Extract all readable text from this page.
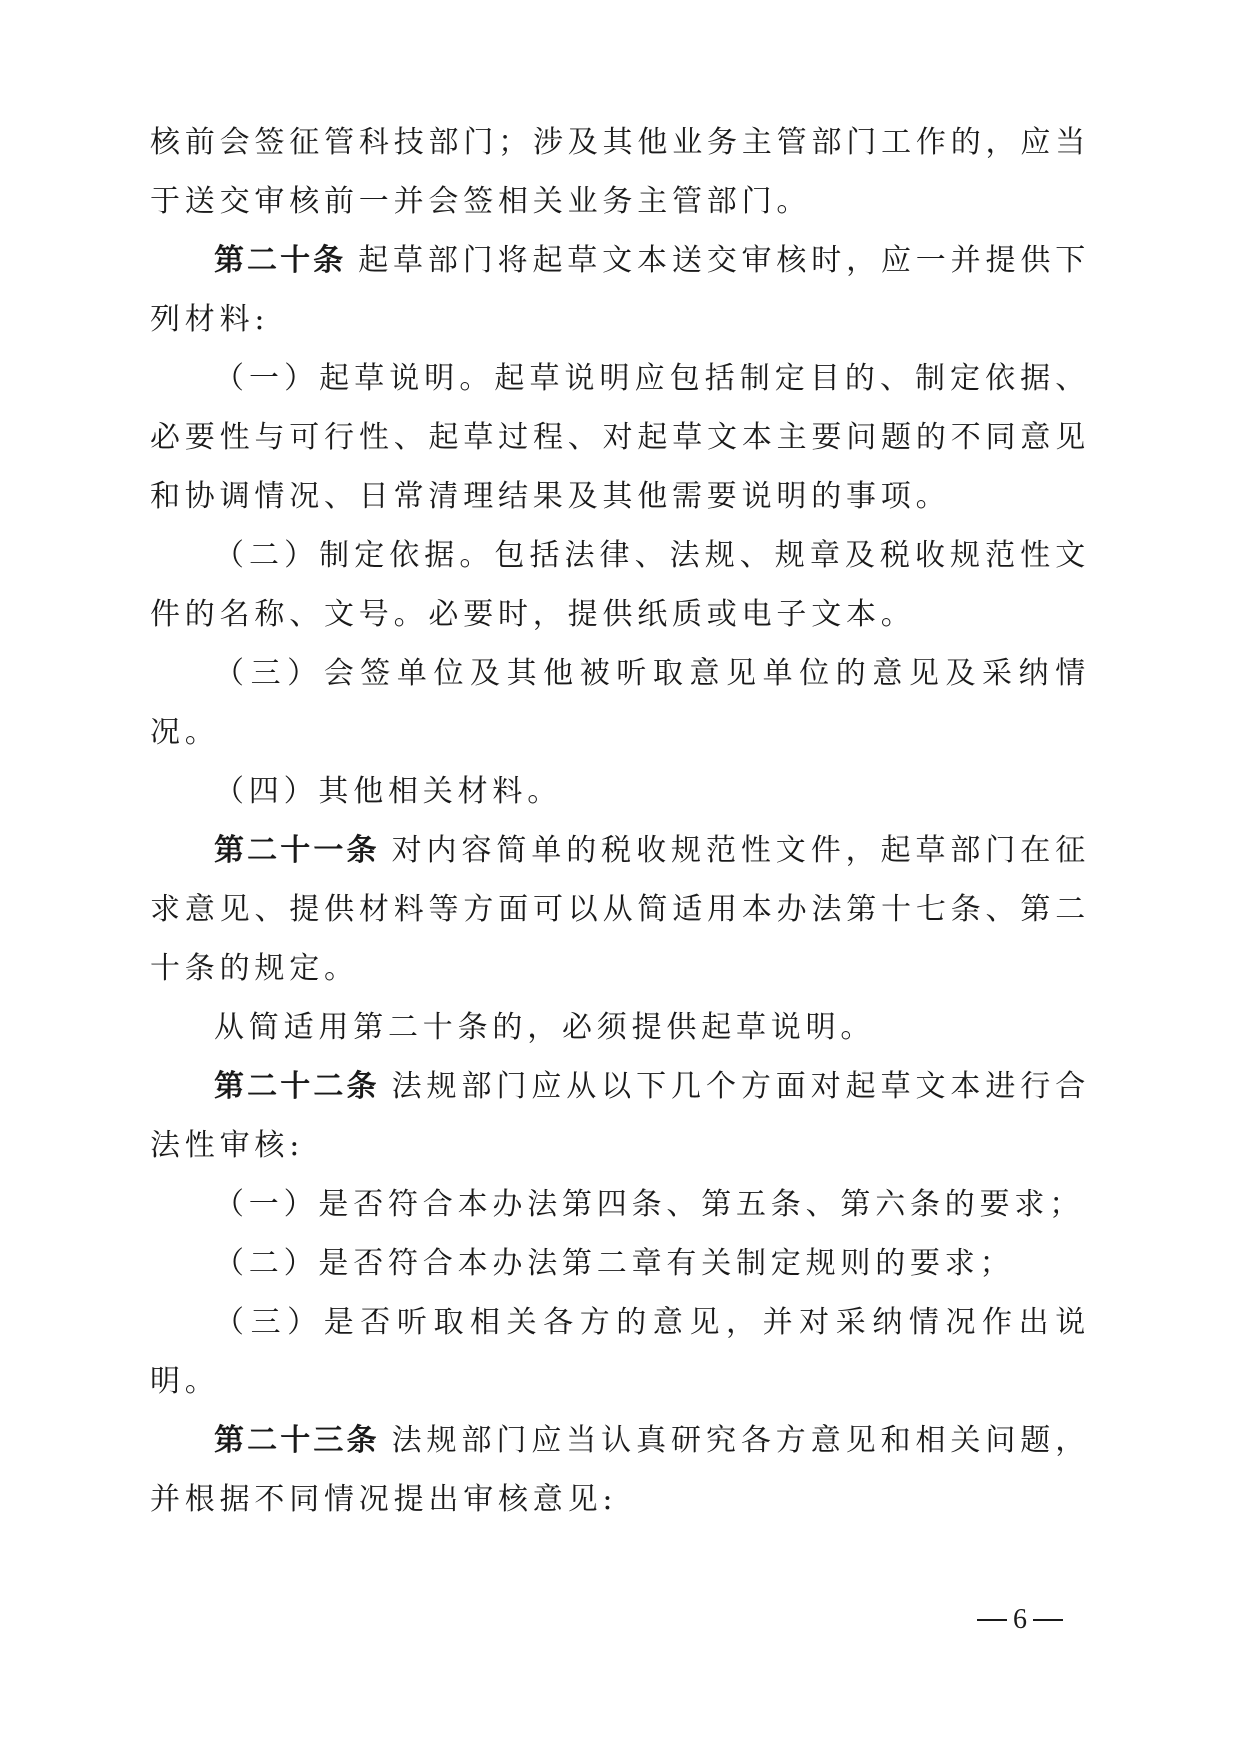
核前会签征管科技部门；涉及其他业务主管部门工作的，应当于送交审核前一并会签相关业务主管部门。

第二十条 起草部门将起草文本送交审核时，应一并提供下列材料:

（一）起草说明。起草说明应包括制定目的、制定依据、必要性与可行性、起草过程、对起草文本主要问题的不同意见和协调情况、日常清理结果及其他需要说明的事项。

（二）制定依据。包括法律、法规、规章及税收规范性文件的名称、文号。必要时，提供纸质或电子文本。

（三）会签单位及其他被听取意见单位的意见及采纳情况。

（四）其他相关材料。

第二十一条 对内容简单的税收规范性文件，起草部门在征求意见、提供材料等方面可以从简适用本办法第十七条、第二十条的规定。

从简适用第二十条的，必须提供起草说明。

第二十二条 法规部门应从以下几个方面对起草文本进行合法性审核:

（一）是否符合本办法第四条、第五条、第六条的要求；

（二）是否符合本办法第二章有关制定规则的要求；

（三）是否听取相关各方的意见，并对采纳情况作出说明。

第二十三条 法规部门应当认真研究各方意见和相关问题，并根据不同情况提出审核意见:

6
